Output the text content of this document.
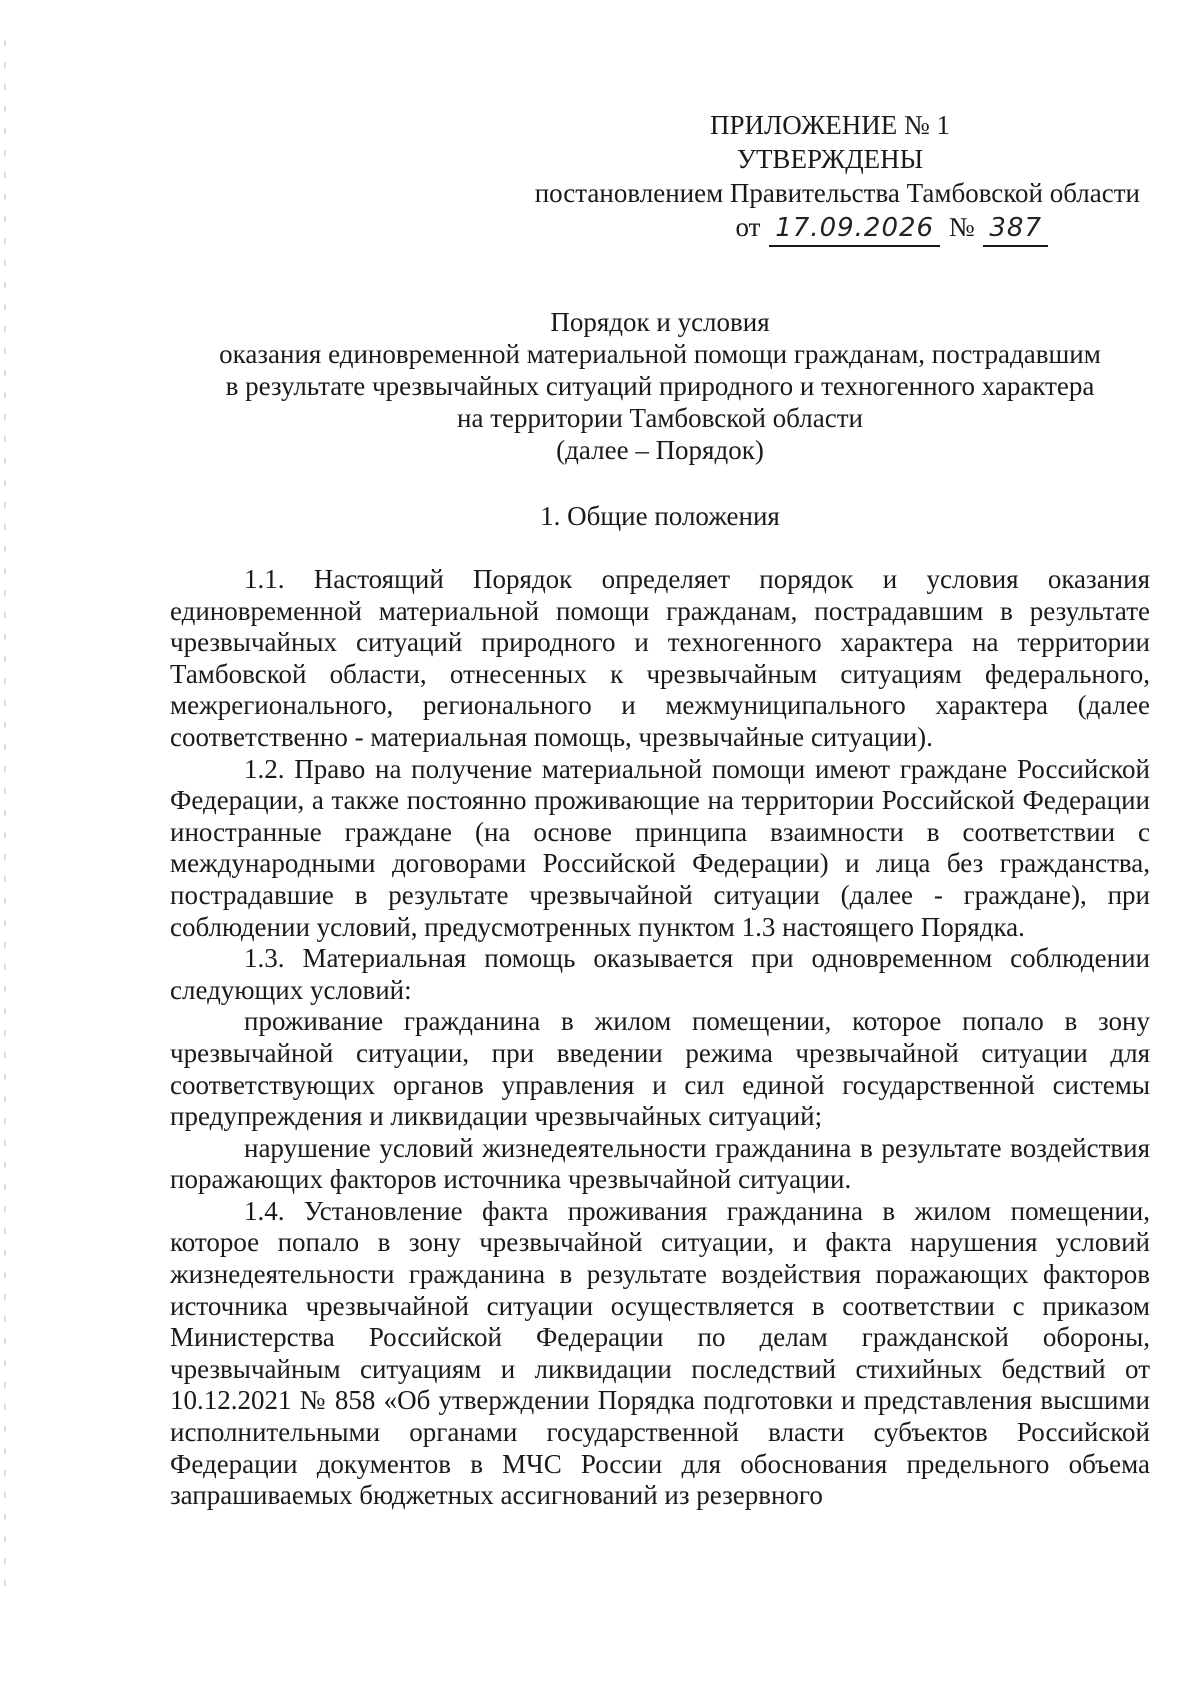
ПРИЛОЖЕНИЕ № 1
УТВЕРЖДЕНЫ
постановлением Правительства Тамбовской области
от 17.09.2026 № 387
Порядок и условия
оказания единовременной материальной помощи гражданам, пострадавшим
в результате чрезвычайных ситуаций природного и техногенного характера
на территории Тамбовской области
(далее – Порядок)
1. Общие положения

1.1. Настоящий Порядок определяет порядок и условия оказания единовременной материальной помощи гражданам, пострадавшим в результате чрезвычайных ситуаций природного и техногенного характера на территории Тамбовской области, отнесенных к чрезвычайным ситуациям федерального, межрегионального, регионального и межмуниципального характера (далее соответственно - материальная помощь, чрезвычайные ситуации).

1.2. Право на получение материальной помощи имеют граждане Российской Федерации, а также постоянно проживающие на территории Российской Федерации иностранные граждане (на основе принципа взаимности в соответствии с международными договорами Российской Федерации) и лица без гражданства, пострадавшие в результате чрезвычайной ситуации (далее - граждане), при соблюдении условий, предусмотренных пунктом 1.3 настоящего Порядка.

1.3. Материальная помощь оказывается при одновременном соблюдении следующих условий:

проживание гражданина в жилом помещении, которое попало в зону чрезвычайной ситуации, при введении режима чрезвычайной ситуации для соответствующих органов управления и сил единой государственной системы предупреждения и ликвидации чрезвычайных ситуаций;

нарушение условий жизнедеятельности гражданина в результате воздействия поражающих факторов источника чрезвычайной ситуации.

1.4. Установление факта проживания гражданина в жилом помещении, которое попало в зону чрезвычайной ситуации, и факта нарушения условий жизнедеятельности гражданина в результате воздействия поражающих факторов источника чрезвычайной ситуации осуществляется в соответствии с приказом Министерства Российской Федерации по делам гражданской обороны, чрезвычайным ситуациям и ликвидации последствий стихийных бедствий от 10.12.2021 № 858 «Об утверждении Порядка подготовки и представления высшими исполнительными органами государственной власти субъектов Российской Федерации документов в МЧС России для обоснования предельного объема запрашиваемых бюджетных ассигнований из резервного
